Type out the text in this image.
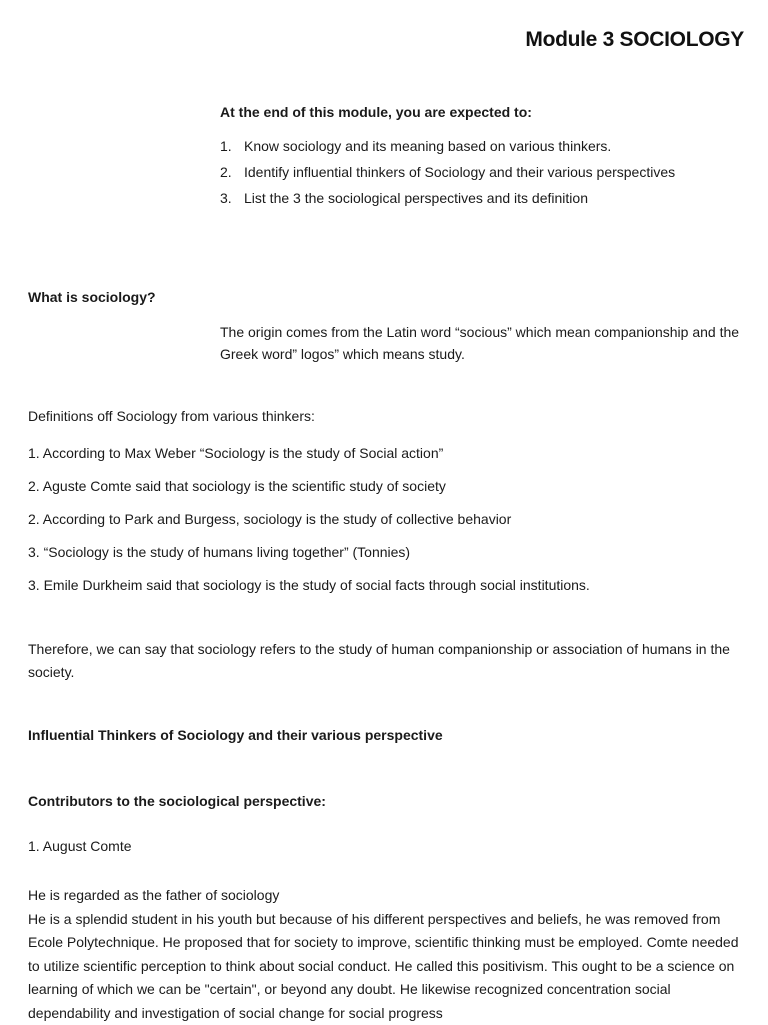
Module 3 SOCIOLOGY
At the end of this module, you are expected to:
1. Know sociology and its meaning based on various thinkers.
2. Identify influential thinkers of Sociology and their various perspectives
3. List the 3 the sociological perspectives and its definition
What is sociology?
The origin comes from the Latin word “socious” which mean companionship and the Greek word” logos” which means study.
Definitions off Sociology from various thinkers:
1. According to Max Weber “Sociology is the study of Social action”
2. Aguste Comte said that sociology is the scientific study of society
2. According to Park and Burgess, sociology is the study of collective behavior
3. “Sociology is the study of humans living together” (Tonnies)
3. Emile Durkheim said that sociology is the study of social facts through social institutions.
Therefore, we can say that sociology refers to the study of human companionship or association of humans in the society.
Influential Thinkers of Sociology and their various perspective
Contributors to the sociological perspective:
1. August Comte

He is regarded as the father of sociology

He is a splendid student in his youth but because of his different perspectives and beliefs, he was removed from Ecole Polytechnique. He proposed that for society to improve, scientific thinking must be employed. Comte needed to utilize scientific perception to think about social conduct. He called this positivism. This ought to be a science on learning of which we can be "certain", or beyond any doubt. He likewise recognized concentration social dependability and investigation of social change for social progress
